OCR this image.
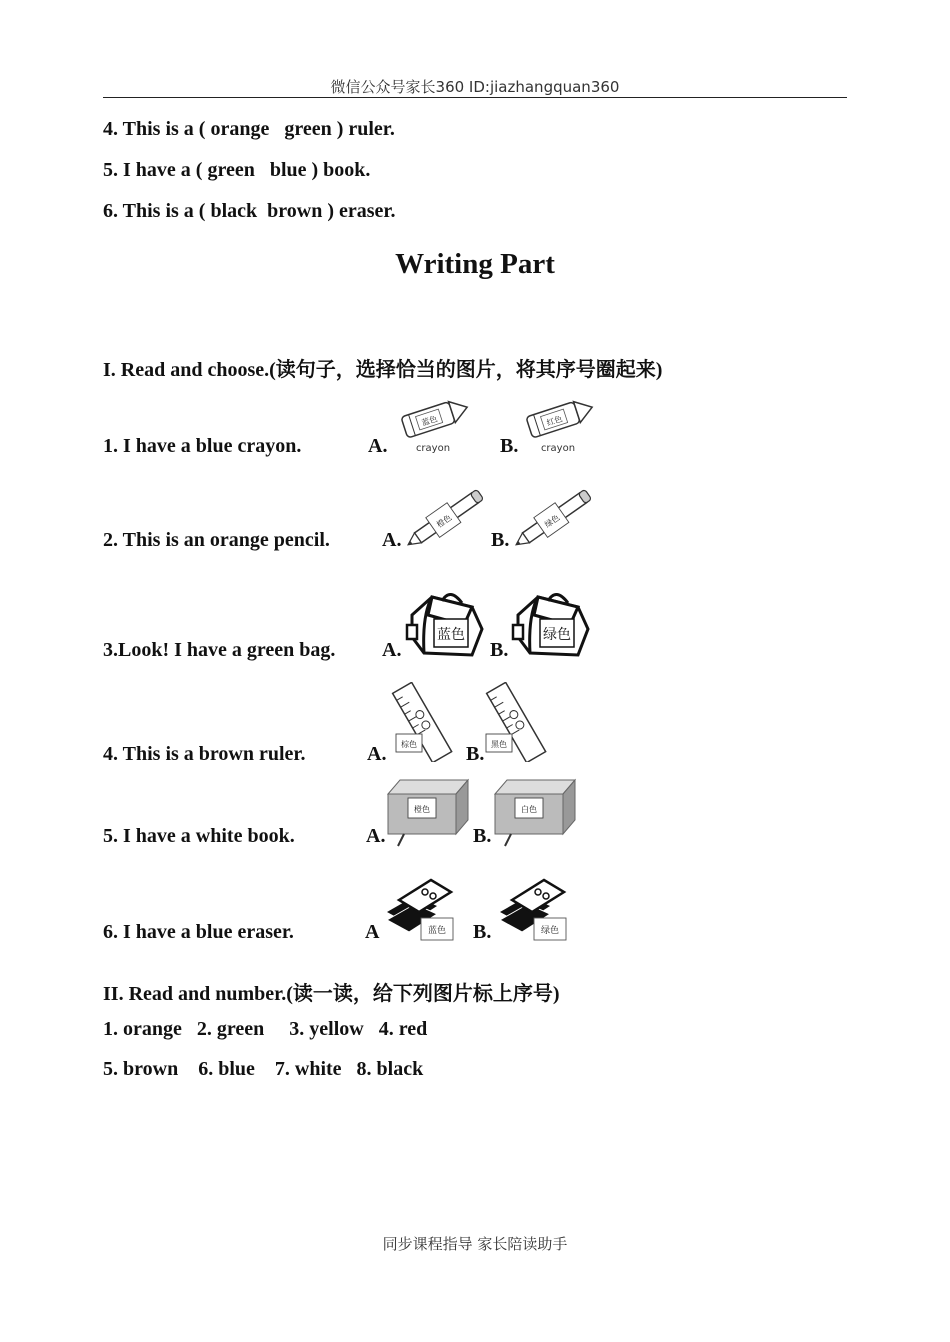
微信公众号家长360 ID:jiazhangquan360
4. This is a ( orange   green ) ruler.
5. I have a ( green   blue ) book.
6. This is a ( black  brown ) eraser.
Writing Part
I. Read and choose.(读句子，选择恰当的图片，将其序号圈起来)
1. I have a blue crayon.	A.
蓝色
crayon B.
红色
crayon
2. This is an orange pencil.	A.
橙色
B.
绿色
3.Look! I have a green bag. A.
蓝色
B.
绿色
4. This is a brown ruler.	A. 棕色 B. 黑色
5. I have a white book.	A.
橙色
B.
白色
6. I have a blue eraser.	A	蓝色 B.	绿色
II. Read and number.(读一读，给下列图片标上序号)
1. orange   2. green     3. yellow   4. red
5. brown    6. blue    7. white   8. black
同步课程指导 家长陪读助手
